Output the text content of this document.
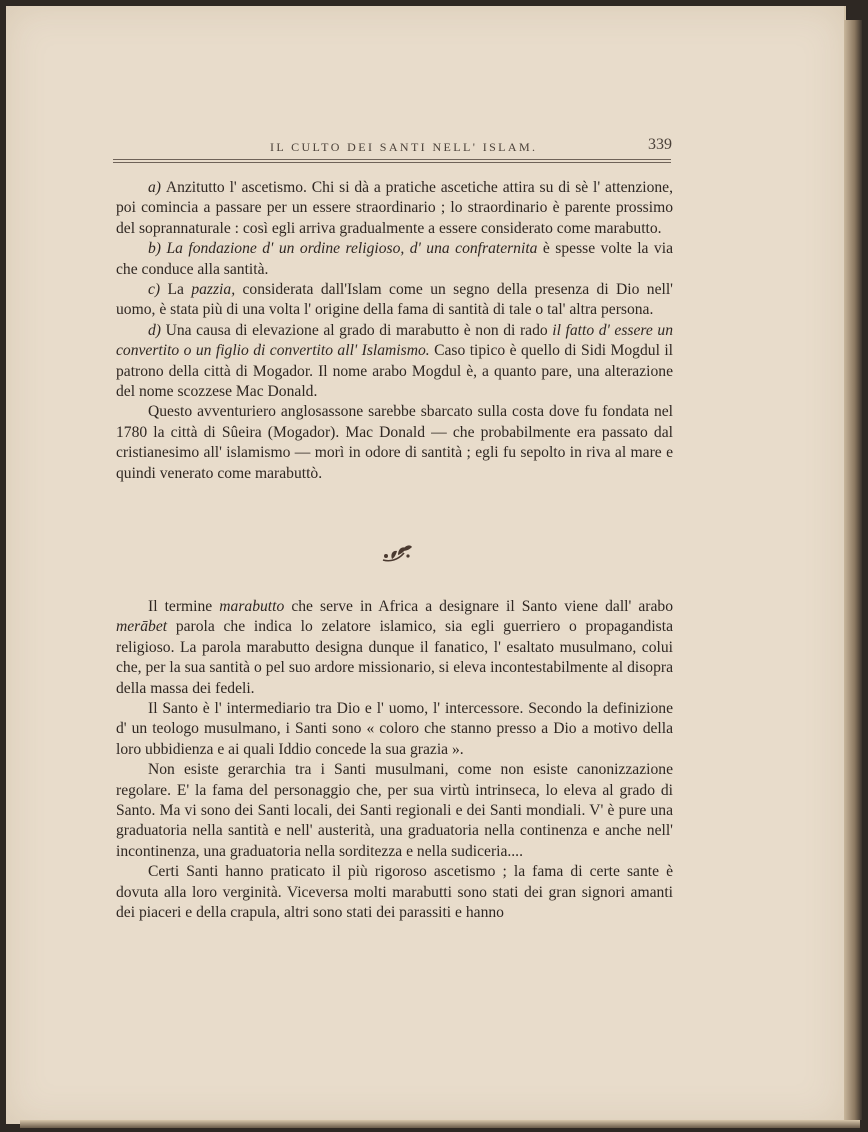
IL CULTO DEI SANTI NELL' ISLAM.	339

a) Anzitutto l' ascetismo. Chi si dà a pratiche ascetiche attira su di sè l' attenzione, poi comincia a passare per un essere straordinario ; lo straordinario è parente prossimo del soprannaturale : così egli arriva gradualmente a essere considerato come marabutto.

b) La fondazione d' un ordine religioso, d' una confraternita è spesse volte la via che conduce alla santità.

c) La pazzia, considerata dall'Islam come un segno della presenza di Dio nell' uomo, è stata più di una volta l' origine della fama di santità di tale o tal' altra persona.

d) Una causa di elevazione al grado di marabutto è non di rado il fatto d' essere un convertito o un figlio di convertito all' Islamismo. Caso tipico è quello di Sidi Mogdul il patrono della città di Mogador. Il nome arabo Mogdul è, a quanto pare, una alterazione del nome scozzese Mac Donald.

Questo avventuriero anglosassone sarebbe sbarcato sulla costa dove fu fondata nel 1780 la città di Sûeira (Mogador). Mac Donald — che probabilmente era passato dal cristianesimo all' islamismo — morì in odore di santità ; egli fu sepolto in riva al mare e quindi venerato come marabuttò.

Il termine marabutto che serve in Africa a designare il Santo viene dall' arabo merābet parola che indica lo zelatore islamico, sia egli guerriero o propagandista religioso. La parola marabutto designa dunque il fanatico, l' esaltato musulmano, colui che, per la sua santità o pel suo ardore missionario, si eleva incontestabilmente al disopra della massa dei fedeli.

Il Santo è l' intermediario tra Dio e l' uomo, l' intercessore. Secondo la definizione d' un teologo musulmano, i Santi sono « coloro che stanno presso a Dio a motivo della loro ubbidienza e ai quali Iddio concede la sua grazia ».

Non esiste gerarchia tra i Santi musulmani, come non esiste canonizzazione regolare. E' la fama del personaggio che, per sua virtù intrinseca, lo eleva al grado di Santo. Ma vi sono dei Santi locali, dei Santi regionali e dei Santi mondiali. V' è pure una graduatoria nella santità e nell' austerità, una graduatoria nella continenza e anche nell' incontinenza, una graduatoria nella sorditezza e nella sudiceria....

Certi Santi hanno praticato il più rigoroso ascetismo ; la fama di certe sante è dovuta alla loro verginità. Viceversa molti marabutti sono stati dei gran signori amanti dei piaceri e della crapula, altri sono stati dei parassiti e hanno
